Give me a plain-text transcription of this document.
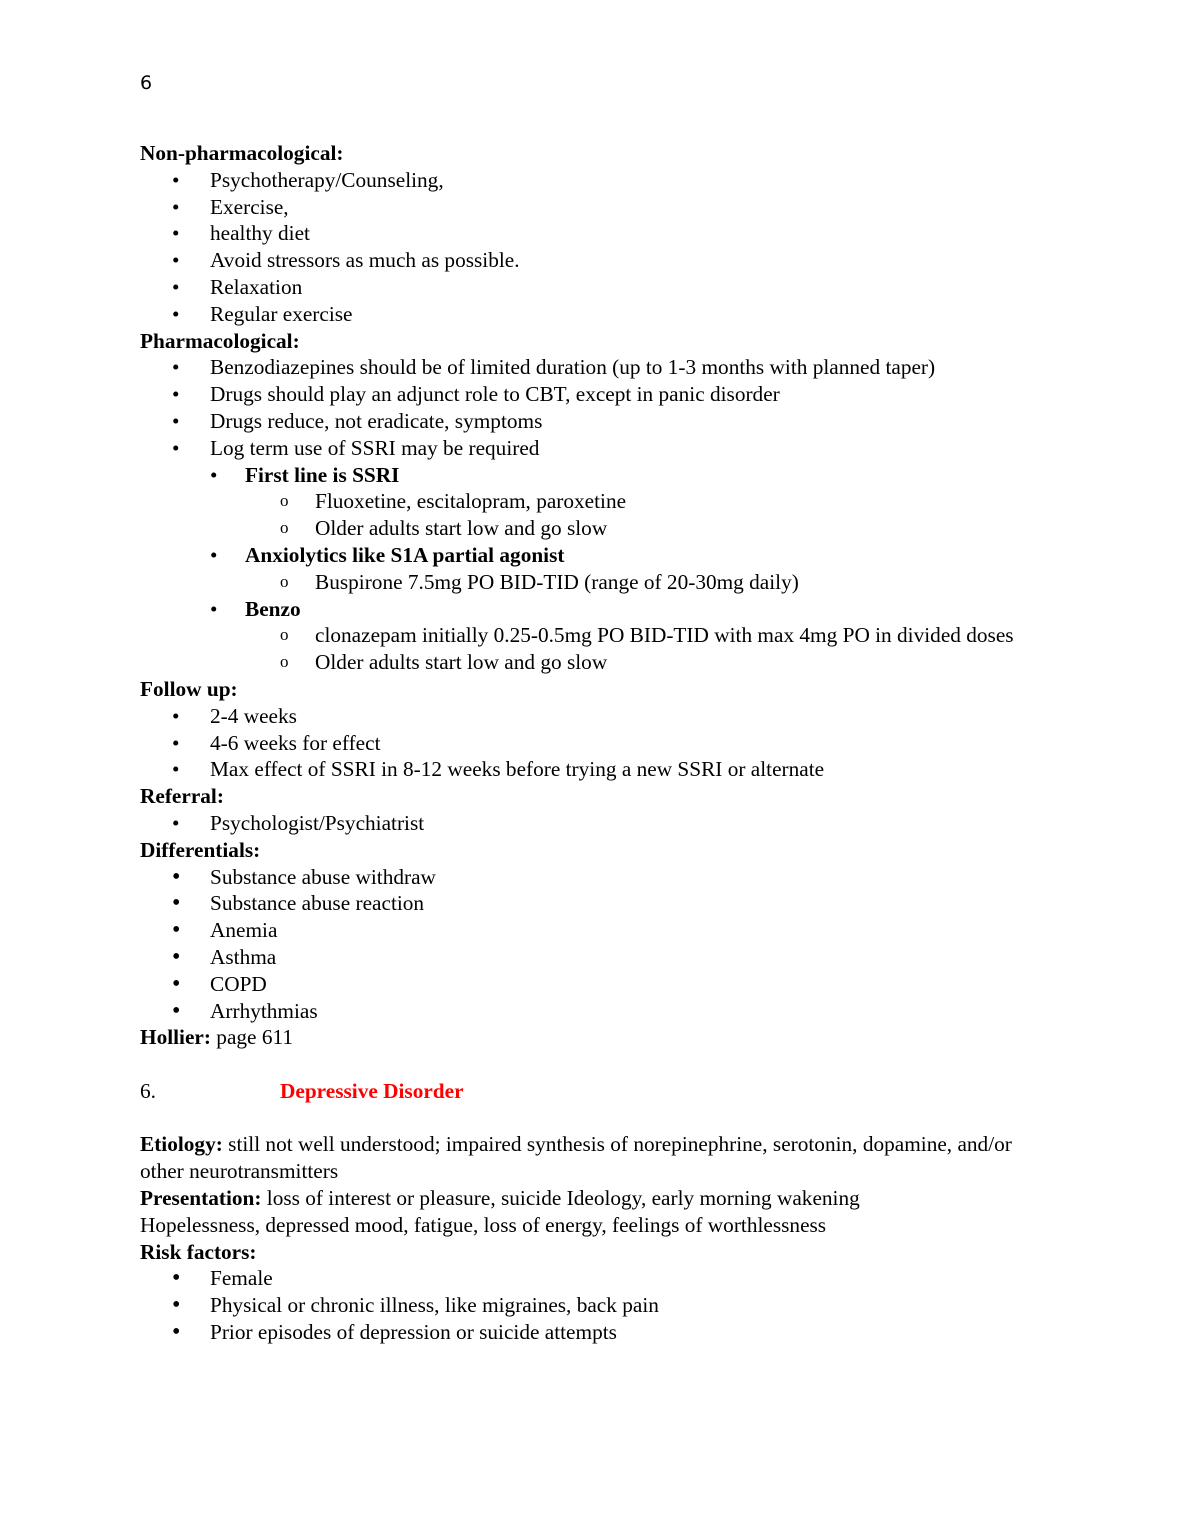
6
Non-pharmacological:
• Psychotherapy/Counseling,
• Exercise,
• healthy diet
• Avoid stressors as much as possible.
• Relaxation
• Regular exercise
Pharmacological:
• Benzodiazepines should be of limited duration (up to 1-3 months with planned taper)
• Drugs should play an adjunct role to CBT, except in panic disorder
• Drugs reduce, not eradicate, symptoms
• Log term use of SSRI may be required
• First line is SSRI
o Fluoxetine, escitalopram, paroxetine
o Older adults start low and go slow
• Anxiolytics like S1A partial agonist
o Buspirone 7.5mg PO BID-TID (range of 20-30mg daily)
• Benzo
o clonazepam initially 0.25-0.5mg PO BID-TID with max 4mg PO in divided doses
o Older adults start low and go slow
Follow up:
• 2-4 weeks
• 4-6 weeks for effect
• Max effect of SSRI in 8-12 weeks before trying a new SSRI or alternate
Referral:
• Psychologist/Psychiatrist
Differentials:
• Substance abuse withdraw
• Substance abuse reaction
• Anemia
• Asthma
• COPD
• Arrhythmias
Hollier: page 611
6.	Depressive Disorder
Etiology: still not well understood; impaired synthesis of norepinephrine, serotonin, dopamine, and/or other neurotransmitters
Presentation: loss of interest or pleasure, suicide Ideology, early morning wakening
Hopelessness, depressed mood, fatigue, loss of energy, feelings of worthlessness
Risk factors:
• Female
• Physical or chronic illness, like migraines, back pain
• Prior episodes of depression or suicide attempts
